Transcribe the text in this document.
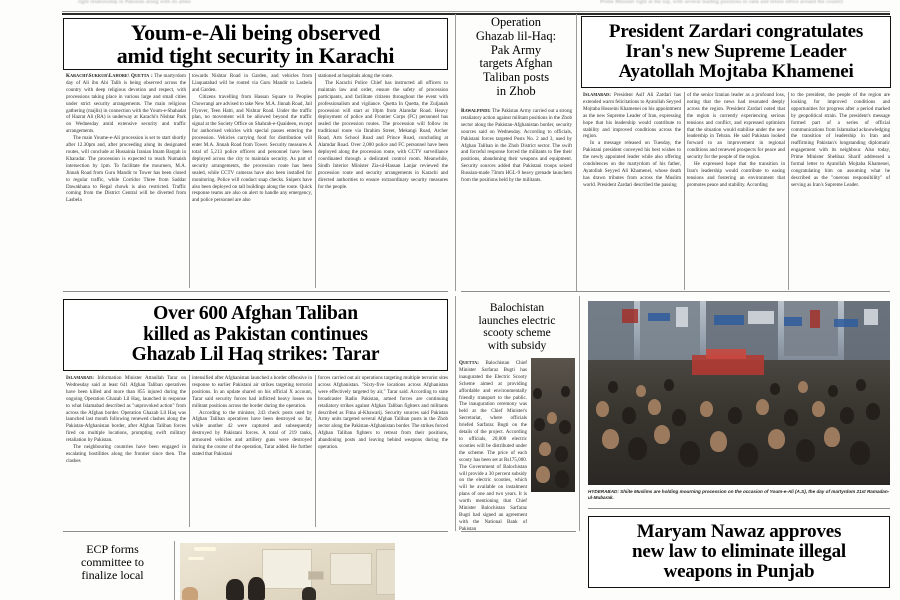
right relationship in Pakistan along with its allies	Prime Minister right at the top, with several leading positions in rank and return office around the country
Youm-e-Ali being observed
amid tight security in Karachi

Karachi\Sukkur\Lahore\ Quetta : The martyrdom day of Ali ibn Abi Talib is being observed across the country with deep religious devotion and respect, with processions taking place in various large and small cities under strict security arrangements. The main religious gathering (majlis) in connection with the Youm-e-Shahadat of Hazrat Ali (RA) is underway at Karachi's Nishtar Park on Wednesday amid extensive security and traffic arrangements.

The main Youme-e-Ali procession is set to start shortly after 12.30pm and, after proceeding along its designated routes, will conclude at Hussainia Iranian Imam Bargah in Kharadar. The procession is expected to reach Numaish intersection by 1pm. To facilitate the mourners, M.A. Jinnah Road from Guru Mandir to Tower has been closed to regular traffic, while Corridor Three from Saddar Dawakhana to Regal chowk is also restricted. Traffic coming from the District Central will be diverted from Lasbela

towards Nishtar Road in Garden, and vehicles from Liaquatabad will be routed via Guru Mandir to Lasbela and Garden.

Citizens travelling from Hassan Square to Peoples Chowrangi are advised to take New M.A. Jinnah Road, Jail Flyover, Teen Hatti, and Nishtar Road. Under the traffic plan, no movement will be allowed beyond the traffic signal at the Society Office on Shahrah-e-Quaideen, except for authorised vehicles with special passes entering the procession. Vehicles carrying food for distribution will enter M.A. Jinnah Road from Tower. Security measures A total of 5,213 police officers and personnel have been deployed across the city to maintain security. As part of security arrangements, the procession route has been sealed, while CCTV cameras have also been installed for monitoring. Police will conduct snap checks. Snipers have also been deployed on tall buildings along the route. Quick response teams are also on alert to handle any emergency, and police personnel are also

stationed at hospitals along the route.

The Karachi Police Chief has instructed all officers to maintain law and order, ensure the safety of procession participants, and facilitate citizens throughout the event with professionalism and vigilance. Quetta In Quetta, the Zuljanah procession will start at 10pm from Alamdar Road. Heavy deployment of police and Frontier Corps (FC) personnel has sealed the procession routes. The procession will follow its traditional route via Ibrahim Street, Mekangi Road, Archer Road, Arts School Road and Prince Road, concluding at Alamdar Road. Over 2,000 police and FC personnel have been deployed along the procession route, with CCTV surveillance coordinated through a dedicated control room. Meanwhile, Sindh Interior Minister Zia-ul-Hassan Lanjar reviewed the procession route and security arrangements in Karachi and directed authorities to ensure extraordinary security measures for the people.

Operation
Ghazab lil-Haq:
Pak Army
targets Afghan
Taliban posts
in Zhob

Rawalpindi: The Pakistan Army carried out a strong retaliatory action against militant positions in the Zhob sector along the Pakistan-Afghanistan border, security sources said on Wednesday. According to officials, Pakistani forces targeted Posts No. 2 and 3, used by Afghan Taliban in the Zhob District sector. The swift and forceful response forced the militants to flee their positions, abandoning their weapons and equipment. Security sources added that Pakistani troops seized Russian-made 73mm HGL-9 heavy grenade launchers from the positions held by the militants.

President Zardari congratulates
Iran's new Supreme Leader
Ayatollah Mojtaba Khamenei

Islamabad: President Asif Ali Zardari has extended warm felicitations to Ayatollah Seyyed Mojtaba Hosseini Khamenei on his appointment as the new Supreme Leader of Iran, expressing hope that his leadership would contribute to stability and improved conditions across the region.

In a message released on Tuesday, the Pakistani president conveyed his best wishes to the newly appointed leader while also offering condolences on the martyrdom of his father, Ayatollah Seyyed Ali Khamenei, whose death has drawn tributes from across the Muslim world. President Zardari described the passing

of the senior Iranian leader as a profound loss, noting that the news had resonated deeply across the region. President Zardari noted that the region is currently experiencing serious tensions and conflict, and expressed optimism that the situation would stabilise under the new leadership in Tehran. He said Pakistan looked forward to an improvement in regional conditions and renewed prospects for peace and security for the people of the region.

He expressed hope that the transition in Iran's leadership would contribute to easing tensions and fostering an environment that promotes peace and stability. According

to the president, the people of the region are looking for improved conditions and opportunities for progress after a period marked by geopolitical strain. The president's message formed part of a series of official communications from Islamabad acknowledging the transition of leadership in Iran and reaffirming Pakistan's longstanding diplomatic engagement with its neighbour. Also today, Prime Minister Shehbaz Sharif addressed a formal letter to Ayatollah Mojtaba Khamenei, congratulating him on assuming what he described as the "onerous responsibility" of serving as Iran's Supreme Leader.

Over 600 Afghan Taliban
killed as Pakistan continues
Ghazab Lil Haq strikes: Tarar

Islamabad: Information Minister Attaullah Tarar on Wednesday said at least 641 Afghan Taliban operatives have been killed and more than 855 injured during the ongoing Operation Ghazab Lil Haq, launched in response to what Islamabad described as "unprovoked action" from across the Afghan border. Operation Ghazab Lil Haq was launched last month following renewed clashes along the Pakistan-Afghanistan border, after Afghan Taliban forces fired on multiple locations, prompting swift military retaliation by Pakistan.

The neighbouring countries have been engaged in escalating hostilities along the frontier since then. The clashes

intensified after Afghanistan launched a border offensive in response to earlier Pakistani air strikes targeting terrorist positions. In an update shared on his official X account, Tarar said security forces had inflicted heavy losses on militant positions across the border during the operation.

According to the minister, 243 check posts used by Afghan Taliban operatives have been destroyed so far, while another 42 were captured and subsequently destroyed by Pakistani forces. A total of 219 tanks, armoured vehicles and artillery guns were destroyed during the course of the operation, Tarar added. He further stated that Pakistani

forces carried out air operations targeting multiple terrorist sites across Afghanistan. "Sixty-five locations across Afghanistan were effectively targeted by air," Tarar said. According to state broadcaster Radio Pakistan, armed forces are continuing retaliatory strikes against Afghan Taliban fighters and militants described as Fitna al-Khawarij. Security sources said Pakistan Army units targeted several Afghan Taliban posts in the Zhob sector along the Pakistan-Afghanistan border. The strikes forced Afghan Taliban fighters to retreat from their positions, abandoning posts and leaving behind weapons during the operation.

Balochistan
launches electric
scooty scheme
with subsidy

Quetta: Balochistan Chief Minister Sarfaraz Bugti has inaugurated the Electric Scooty Scheme aimed at providing affordable and environmentally friendly transport to the public. The inauguration ceremony was held at the Chief Minister's Secretariat, where officials briefed Sarfaraz Bugti on the details of the project. According to officials, 20,000 electric scooties will be distributed under the scheme. The price of each scooty has been set at Rs175,000. The Government of Balochistan will provide a 30 percent subsidy on the electric scooties, which will be available on instalment plans of one and two years. It is worth mentioning that Chief Minister Balochistan Sarfaraz Bugti had signed an agreement with the National Bank of Pakistan

HYDERABAD: Shiite Muslims are holding mourning procession on the occasion of Youm-e-Ali (A.S), the day of martyrdom 21st Ramadan- ul-Mubarak.
Maryam Nawaz approves
new law to eliminate illegal
weapons in Punjab
ECP forms
committee to
finalize local
